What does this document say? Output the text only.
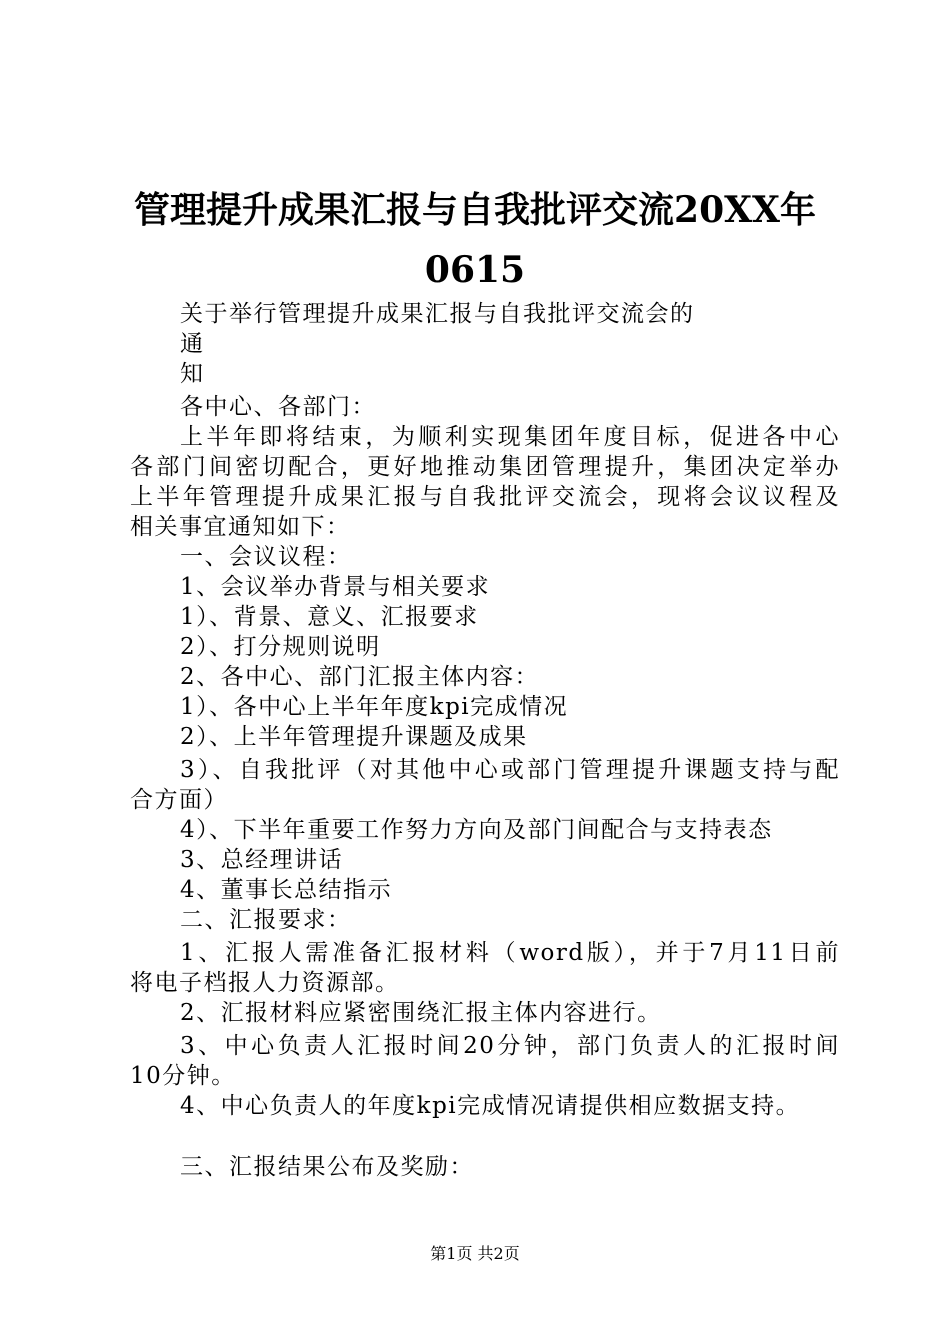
管理提升成果汇报与自我批评交流20XX年
0615
关于举行管理提升成果汇报与自我批评交流会的
通
知
各中心、各部门：
上半年即将结束，为顺利实现集团年度目标，促进各中心
各部门间密切配合，更好地推动集团管理提升，集团决定举办
上半年管理提升成果汇报与自我批评交流会，现将会议议程及
相关事宜通知如下：
一、会议议程：
1、会议举办背景与相关要求
1）、背景、意义、汇报要求
2）、打分规则说明
2、各中心、部门汇报主体内容：
1）、各中心上半年年度kpi完成情况
2）、上半年管理提升课题及成果
3）、自我批评（对其他中心或部门管理提升课题支持与配
合方面）
4）、下半年重要工作努力方向及部门间配合与支持表态
3、总经理讲话
4、董事长总结指示
二、汇报要求：
1、汇报人需准备汇报材料（word版），并于7月11日前
将电子档报人力资源部。
2、汇报材料应紧密围绕汇报主体内容进行。
3、中心负责人汇报时间20分钟，部门负责人的汇报时间
10分钟。
4、中心负责人的年度kpi完成情况请提供相应数据支持。
三、汇报结果公布及奖励：
第1页 共2页
